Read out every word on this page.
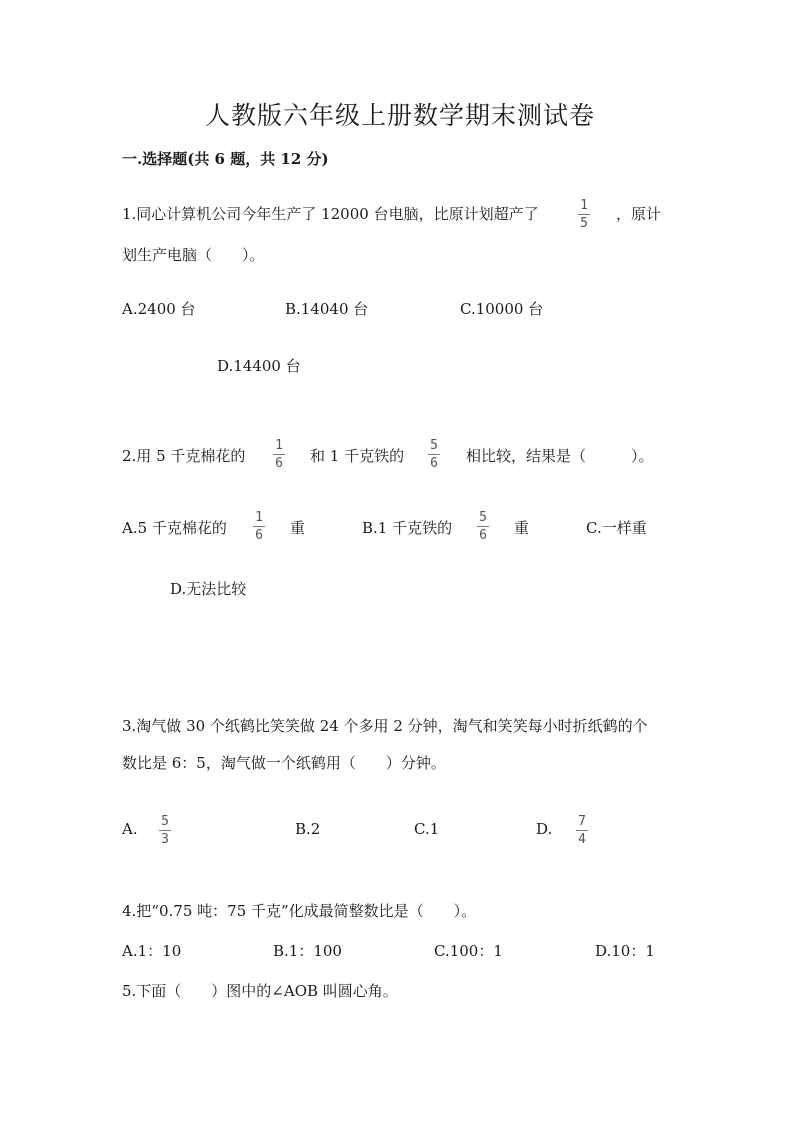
人教版六年级上册数学期末测试卷
一.选择题(共 6 题，共 12 分)
1.同心计算机公司今年生产了 12000 台电脑，比原计划超产了	1
5
，原计
划生产电脑（　　）。
A.2400 台	B.14040 台	C.10000 台
D.14400 台
2.用 5 千克棉花的
1
6 和 1 千克铁的
5
6 相比较，结果是（　　　）。
A.5 千克棉花的
1
6 重	B.1 千克铁的
5
6 重	C.一样重
D.无法比较
3.淘气做 30 个纸鹤比笑笑做 24 个多用 2 分钟，淘气和笑笑每小时折纸鹤的个
数比是 6：5，淘气做一个纸鹤用（　　）分钟。
A. 5
3
B.2	C.1	D. 7
4
4.把“0.75 吨：75 千克”化成最简整数比是（　　）。
A.1：10	B.1：100	C.100：1	D.10：1
5.下面（　　）图中的∠AOB 叫圆心角。
